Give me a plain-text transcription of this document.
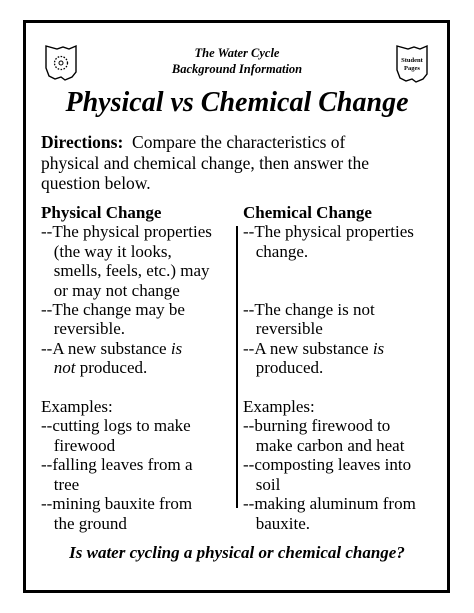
Student
Pages
The Water Cycle
Background Information
Physical vs Chemical Change
Directions:  Compare the characteristics of
physical and chemical change, then answer the
question below.
Physical Change
--The physical properties
(the way it looks,
smells, feels, etc.) may
or may not change
--The change may be
reversible.
--A new substance is
not produced.

Examples:
--cutting logs to make
firewood
--falling leaves from a
tree
--mining bauxite from
the ground
Chemical Change
--The physical properties
change.

--The change is not
reversible
--A new substance is
produced.

Examples:
--burning firewood to
make carbon and heat
--composting leaves into
soil
--making aluminum from
bauxite.
Is water cycling a physical or chemical change?
